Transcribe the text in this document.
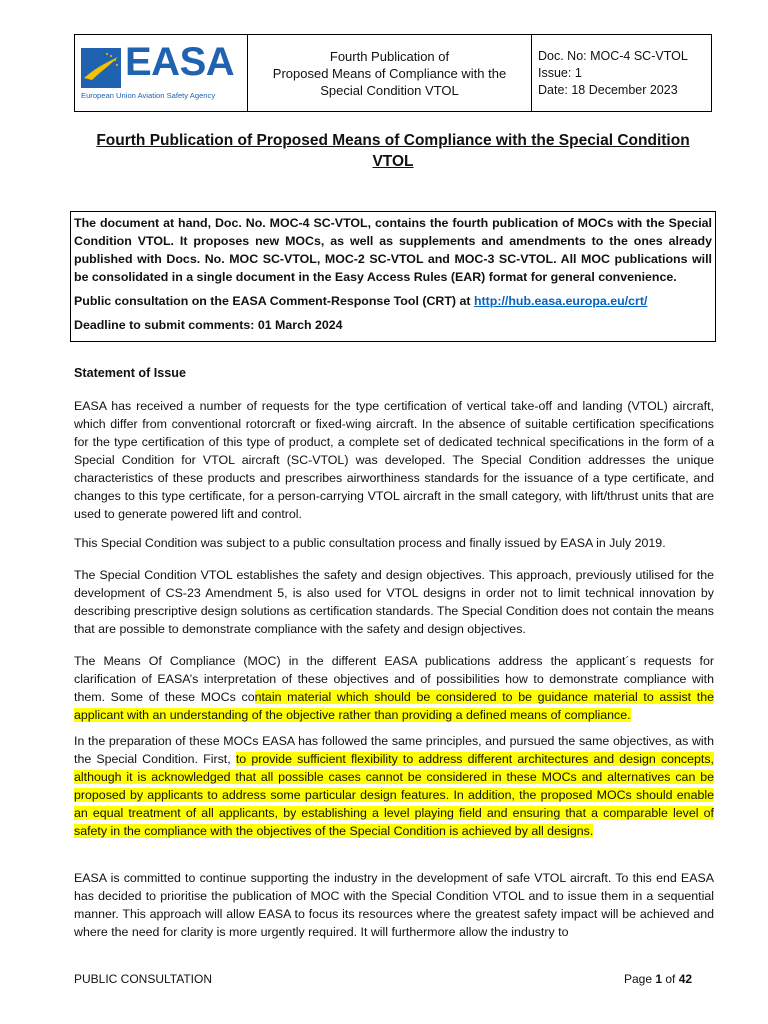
EASA
European Union Aviation Safety Agency
Fourth Publication of
Proposed Means of Compliance with the
Special Condition VTOL
Doc. No: MOC-4 SC-VTOL
Issue: 1
Date: 18 December 2023
Fourth Publication of Proposed Means of Compliance with the Special Condition VTOL

The document at hand, Doc. No. MOC-4 SC-VTOL, contains the fourth publication of MOCs with the Special Condition VTOL. It proposes new MOCs, as well as supplements and amendments to the ones already published with Docs. No. MOC SC-VTOL, MOC-2 SC-VTOL and MOC-3 SC-VTOL. All MOC publications will be consolidated in a single document in the Easy Access Rules (EAR) format for general convenience.

Public consultation on the EASA Comment-Response Tool (CRT) at http://hub.easa.europa.eu/crt/

Deadline to submit comments: 01 March 2024

Statement of Issue

EASA has received a number of requests for the type certification of vertical take-off and landing (VTOL) aircraft, which differ from conventional rotorcraft or fixed-wing aircraft. In the absence of suitable certification specifications for the type certification of this type of product, a complete set of dedicated technical specifications in the form of a Special Condition for VTOL aircraft (SC-VTOL) was developed. The Special Condition addresses the unique characteristics of these products and prescribes airworthiness standards for the issuance of a type certificate, and changes to this type certificate, for a person-carrying VTOL aircraft in the small category, with lift/thrust units that are used to generate powered lift and control.

This Special Condition was subject to a public consultation process and finally issued by EASA in July 2019.

The Special Condition VTOL establishes the safety and design objectives. This approach, previously utilised for the development of CS-23 Amendment 5, is also used for VTOL designs in order not to limit technical innovation by describing prescriptive design solutions as certification standards. The Special Condition does not contain the means that are possible to demonstrate compliance with the safety and design objectives.

The Means Of Compliance (MOC) in the different EASA publications address the applicant´s requests for clarification of EASA’s interpretation of these objectives and of possibilities how to demonstrate compliance with them. Some of these MOCs contain material which should be considered to be guidance material to assist the applicant with an understanding of the objective rather than providing a defined means of compliance.

In the preparation of these MOCs EASA has followed the same principles, and pursued the same objectives, as with the Special Condition. First, to provide sufficient flexibility to address different architectures and design concepts, although it is acknowledged that all possible cases cannot be considered in these MOCs and alternatives can be proposed by applicants to address some particular design features. In addition, the proposed MOCs should enable an equal treatment of all applicants, by establishing a level playing field and ensuring that a comparable level of safety in the compliance with the objectives of the Special Condition is achieved by all designs.

EASA is committed to continue supporting the industry in the development of safe VTOL aircraft. To this end EASA has decided to prioritise the publication of MOC with the Special Condition VTOL and to issue them in a sequential manner. This approach will allow EASA to focus its resources where the greatest safety impact will be achieved and where the need for clarity is more urgently required. It will furthermore allow the industry to

PUBLIC CONSULTATION	Page 1 of 42
